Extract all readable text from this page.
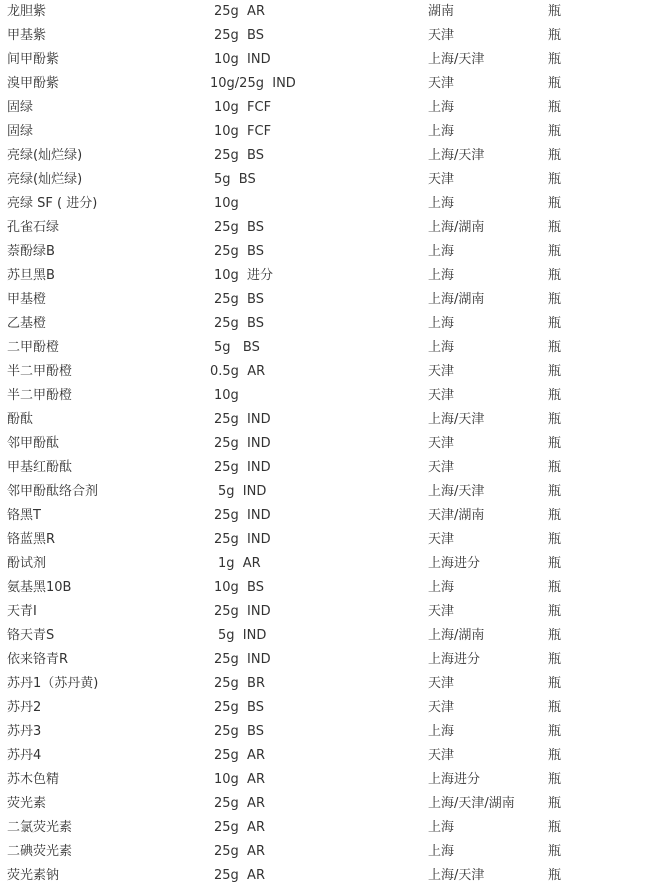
龙胆紫	25g  AR	湖南	瓶
甲基紫	25g  BS	天津	瓶
间甲酚紫	10g  IND	上海/天津	瓶
溴甲酚紫	10g/25g  IND	天津	瓶
固绿	10g  FCF	上海	瓶
固绿	10g  FCF	上海	瓶
亮绿(灿烂绿)	25g  BS	上海/天津	瓶
亮绿(灿烂绿)	5g  BS	天津	瓶
亮绿 SF ( 进分)	10g	上海	瓶
孔雀石绿	25g  BS	上海/湖南	瓶
萘酚绿B	25g  BS	上海	瓶
苏旦黑B	10g  进分	上海	瓶
甲基橙	25g  BS	上海/湖南	瓶
乙基橙	25g  BS	上海	瓶
二甲酚橙	5g   BS	上海	瓶
半二甲酚橙	0.5g  AR	天津	瓶
半二甲酚橙	10g	天津	瓶
酚酞	25g  IND	上海/天津	瓶
邻甲酚酞	25g  IND	天津	瓶
甲基红酚酞	25g  IND	天津	瓶
邻甲酚酞络合剂	5g  IND	上海/天津	瓶
铬黑T	25g  IND	天津/湖南	瓶
铬蓝黑R	25g  IND	天津	瓶
酚试剂	1g  AR	上海进分	瓶
氨基黑10B	10g  BS	上海	瓶
天青I	25g  IND	天津	瓶
铬天青S	5g  IND	上海/湖南	瓶
依来铬青R	25g  IND	上海进分	瓶
苏丹1（苏丹黄)	25g  BR	天津	瓶
苏丹2	25g  BS	天津	瓶
苏丹3	25g  BS	上海	瓶
苏丹4	25g  AR	天津	瓶
苏木色精	10g  AR	上海进分	瓶
荧光素	25g  AR	上海/天津/湖南	瓶
二氯荧光素	25g  AR	上海	瓶
二碘荧光素	25g  AR	上海	瓶
荧光素钠	25g  AR	上海/天津	瓶
